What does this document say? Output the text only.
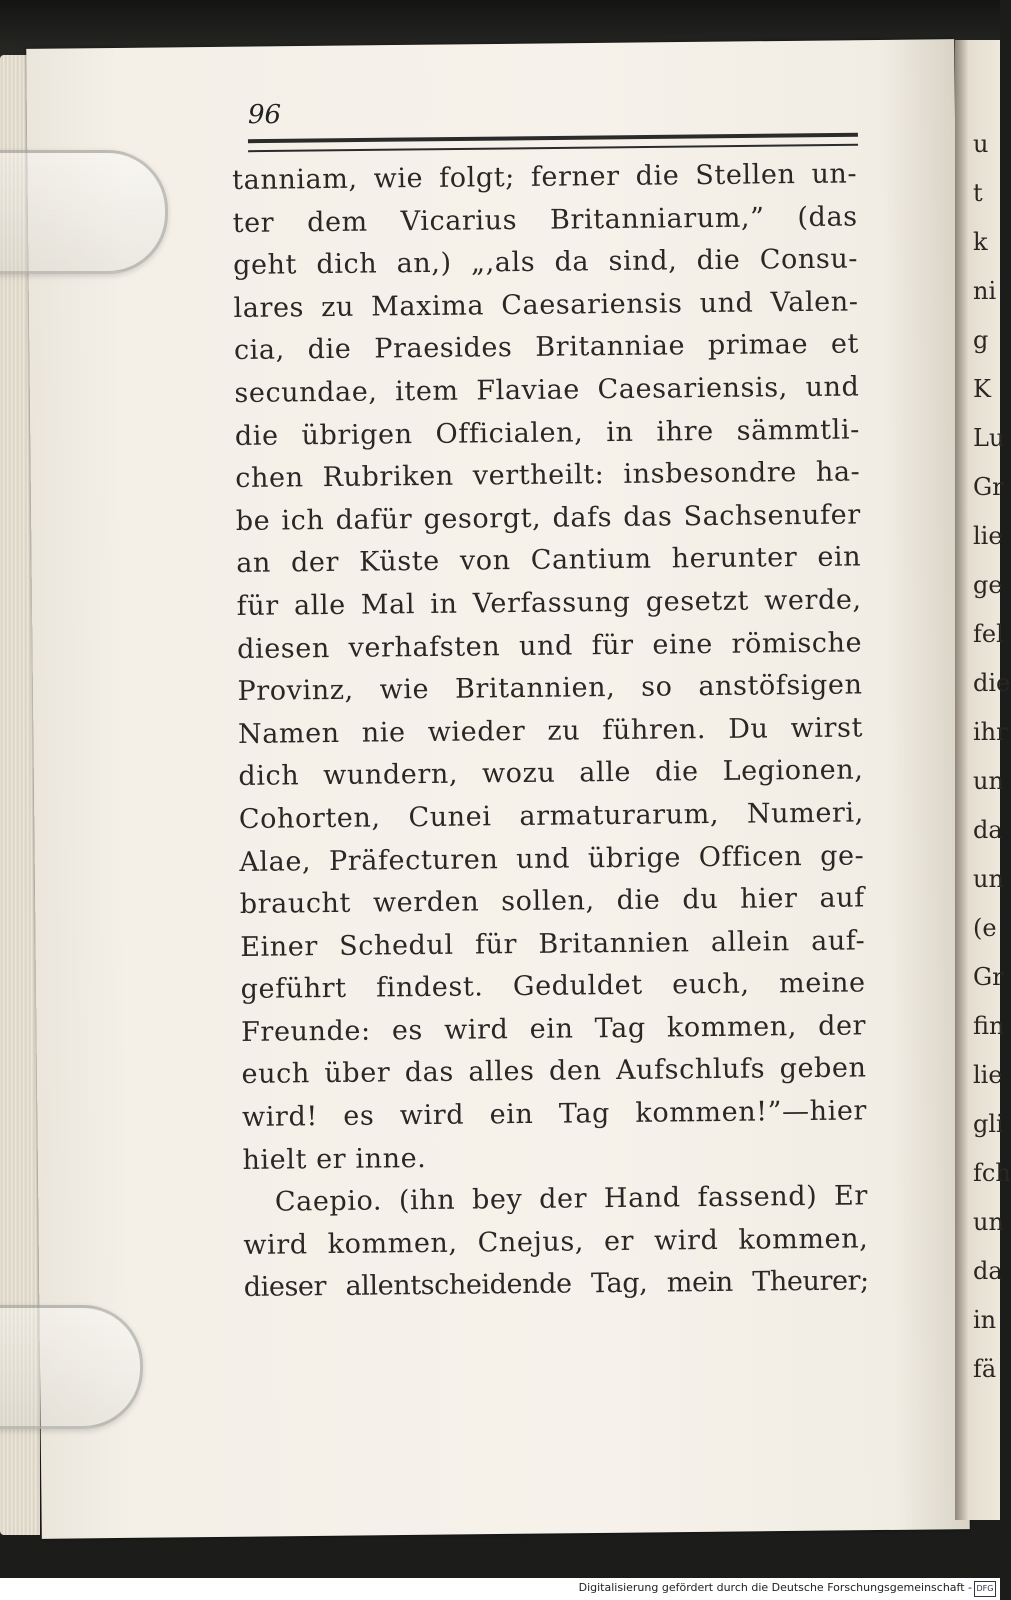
u
t
k
ni
g
K
Lu
Gr
lie
ge
fel
die
ihr
un
da
un
(e
Gr
fin
lie
gli
fch
un
da
in
fä
96
tanniam, wie folgt; ferner die Stellen un-
ter dem Vicarius Britanniarum,” (das
geht dich an,) „,als da sind, die Consu-
lares zu Maxima Caesariensis und Valen-
cia, die Praesides Britanniae primae et
secundae, item Flaviae Caesariensis, und
die übrigen Officialen, in ihre sämmtli-
chen Rubriken vertheilt: insbesondre ha-
be ich dafür gesorgt, dafs das Sachsenufer
an der Küste von Cantium herunter ein
für alle Mal in Verfassung gesetzt werde,
diesen verhafsten und für eine römische
Provinz, wie Britannien, so anstöfsigen
Namen nie wieder zu führen. Du wirst
dich wundern, wozu alle die Legionen,
Cohorten, Cunei armaturarum, Numeri,
Alae, Präfecturen und übrige Officen ge-
braucht werden sollen, die du hier auf
Einer Schedul für Britannien allein auf-
geführt findest. Geduldet euch, meine
Freunde: es wird ein Tag kommen, der
euch über das alles den Aufschlufs geben
wird! es wird ein Tag kommen!”—hier
hielt er inne.
Caepio. (ihn bey der Hand fassend) Er
wird kommen, Cnejus, er wird kommen,
dieser allentscheidende Tag, mein Theurer;
Digitalisierung gefördert durch die Deutsche Forschungsgemeinschaft - DFG
